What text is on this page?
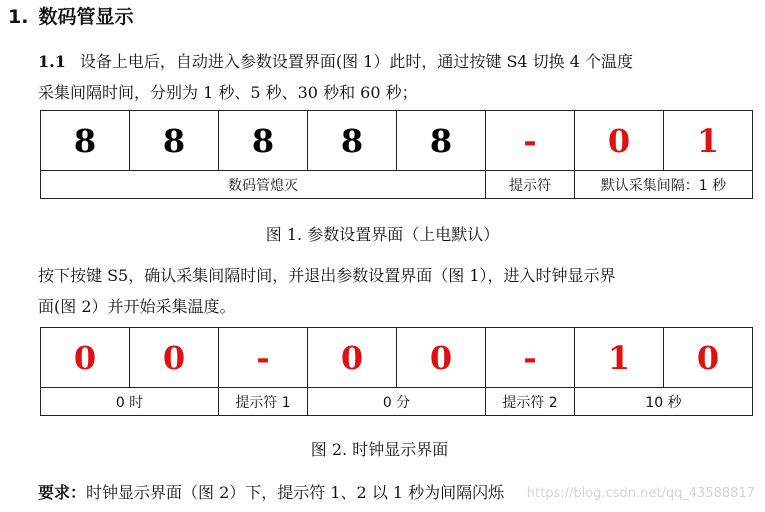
1. 数码管显示
1.1 设备上电后，自动进入参数设置界面(图 1）此时，通过按键 S4 切换 4 个温度
采集间隔时间，分别为 1 秒、5 秒、30 秒和 60 秒；
8	8	8	8	8	-	0	1
数码管熄灭					提示符	默认采集间隔：1 秒	
图 1. 参数设置界面（上电默认）
按下按键 S5，确认采集间隔时间，并退出参数设置界面（图 1），进入时钟显示界
面(图 2）并开始采集温度。
0	0	-	0	0	-	1	0
0 时		提示符 1	0 分		提示符 2	10 秒	
图 2. 时钟显示界面
要求：时钟显示界面（图 2）下，提示符 1、2 以 1 秒为间隔闪烁 https://blog.csdn.net/qq_43588817
